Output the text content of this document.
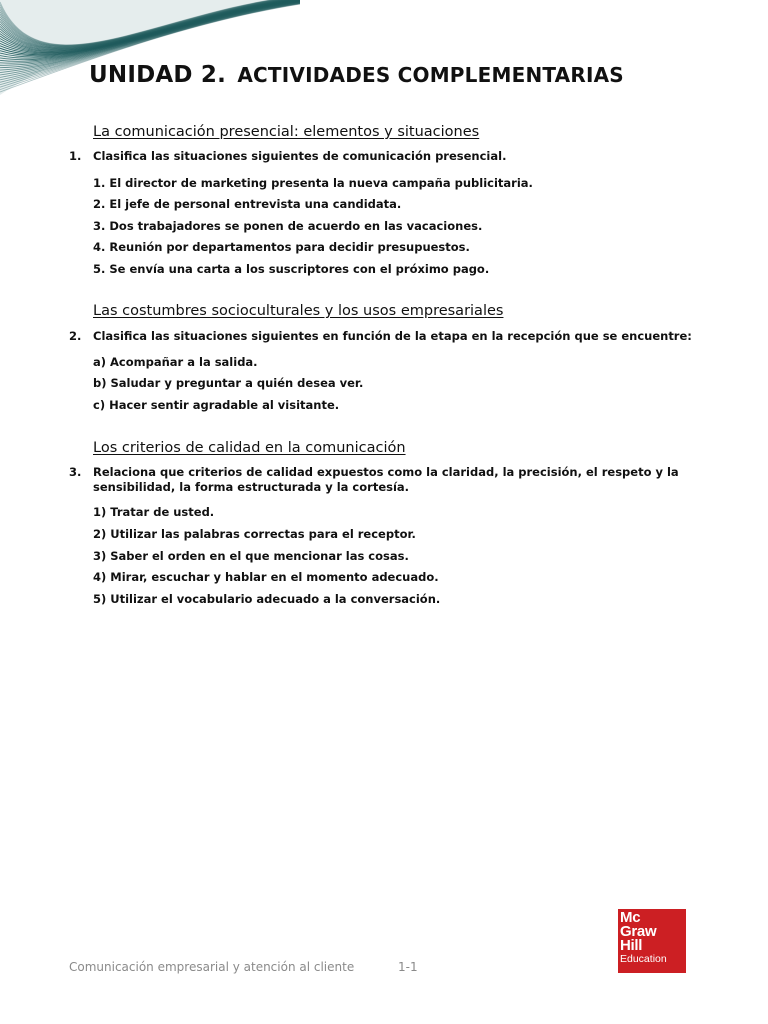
UNIDAD 2. ACTIVIDADES COMPLEMENTARIAS
La comunicación presencial: elementos y situaciones
1. Clasifica las situaciones siguientes de comunicación presencial.

1. El director de marketing presenta la nueva campaña publicitaria.
2. El jefe de personal entrevista una candidata.
3. Dos trabajadores se ponen de acuerdo en las vacaciones.
4. Reunión por departamentos para decidir presupuestos.
5. Se envía una carta a los suscriptores con el próximo pago.
Las costumbres socioculturales y los usos empresariales
2. Clasifica las situaciones siguientes en función de la etapa en la recepción que se encuentre:

a) Acompañar a la salida.
b) Saludar y preguntar a quién desea ver.
c) Hacer sentir agradable al visitante.
Los criterios de calidad en la comunicación
3. Relaciona que criterios de calidad expuestos como la claridad, la precisión, el respeto y la sensibilidad, la forma estructurada y la cortesía.

1) Tratar de usted.
2) Utilizar las palabras correctas para el receptor.
3) Saber el orden en el que mencionar las cosas.
4) Mirar, escuchar y hablar en el momento adecuado.
5) Utilizar el vocabulario adecuado a la conversación.
Comunicación empresarial y atención al cliente	1-1
Mc
Graw
Hill
Education
